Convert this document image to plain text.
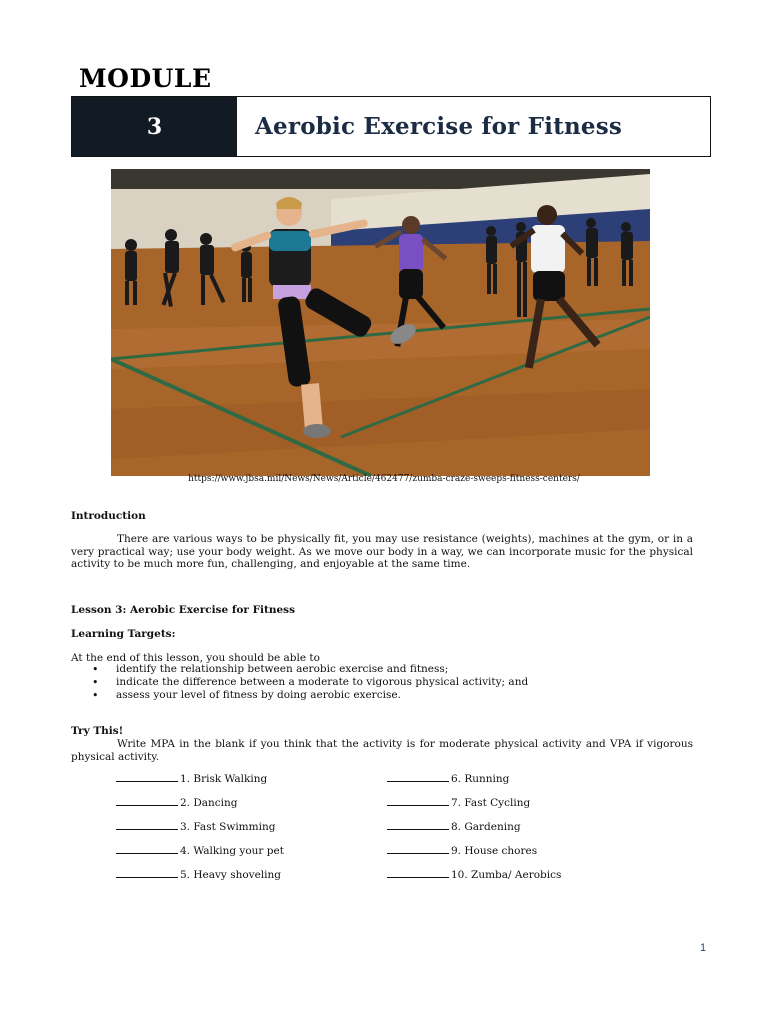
MODULE
3	Aerobic Exercise for Fitness
https://www.jbsa.mil/News/News/Article/462477/zumba-craze-sweeps-fitness-centers/
Introduction
There are various ways to be physically fit, you may use resistance (weights), machines at the gym, or in a very practical way; use your body weight. As we move our body in a way, we can incorporate music for the physical activity to be much more fun, challenging, and enjoyable at the same time.
Lesson 3: Aerobic Exercise for Fitness
Learning Targets:
At the end of this lesson, you should be able to
• identify the relationship between aerobic exercise and fitness;
• indicate the difference between a moderate to vigorous physical activity; and
• assess your level of fitness by doing aerobic exercise.
Try This!
Write MPA in the blank if you think that the activity is for moderate physical activity and VPA if vigorous physical activity.
1. Brisk Walking
2. Dancing
3. Fast Swimming
4. Walking your pet
5. Heavy shoveling
6. Running
7. Fast Cycling
8. Gardening
9. House chores
10. Zumba/ Aerobics
1
